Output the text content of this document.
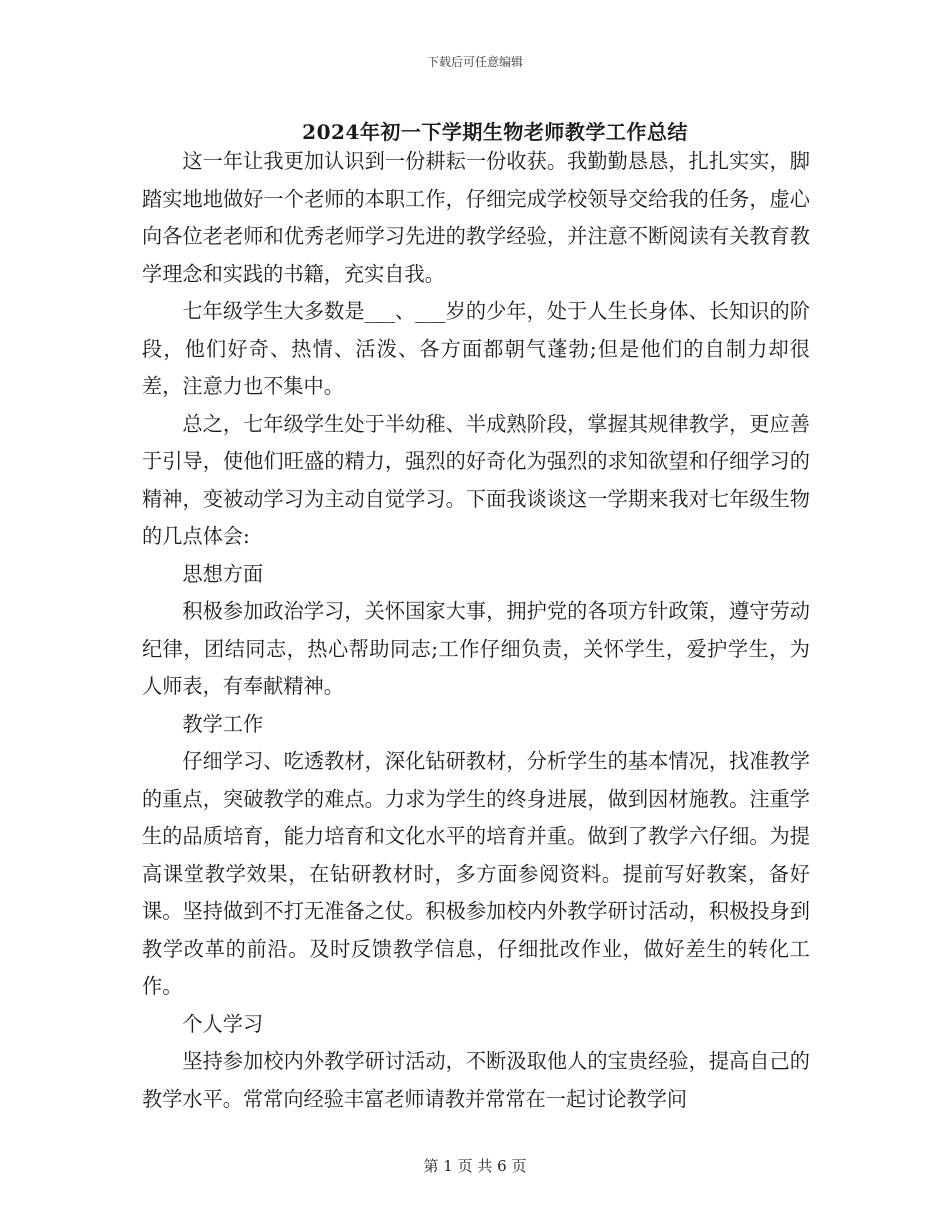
下载后可任意编辑
2024年初一下学期生物老师教学工作总结

这一年让我更加认识到一份耕耘一份收获。我勤勤恳恳，扎扎实实，脚踏实地地做好一个老师的本职工作，仔细完成学校领导交给我的任务，虚心向各位老老师和优秀老师学习先进的教学经验，并注意不断阅读有关教育教学理念和实践的书籍，充实自我。

七年级学生大多数是___、___岁的少年，处于人生长身体、长知识的阶段，他们好奇、热情、活泼、各方面都朝气蓬勃;但是他们的自制力却很差，注意力也不集中。

总之，七年级学生处于半幼稚、半成熟阶段，掌握其规律教学，更应善于引导，使他们旺盛的精力，强烈的好奇化为强烈的求知欲望和仔细学习的精神，变被动学习为主动自觉学习。下面我谈谈这一学期来我对七年级生物的几点体会:

思想方面

积极参加政治学习，关怀国家大事，拥护党的各项方针政策，遵守劳动纪律，团结同志，热心帮助同志;工作仔细负责，关怀学生，爱护学生，为人师表，有奉献精神。

教学工作

仔细学习、吃透教材，深化钻研教材，分析学生的基本情况，找准教学的重点，突破教学的难点。力求为学生的终身进展，做到因材施教。注重学生的品质培育，能力培育和文化水平的培育并重。做到了教学六仔细。为提高课堂教学效果，在钻研教材时，多方面参阅资料。提前写好教案，备好课。坚持做到不打无准备之仗。积极参加校内外教学研讨活动，积极投身到教学改革的前沿。及时反馈教学信息，仔细批改作业，做好差生的转化工作。

个人学习

坚持参加校内外教学研讨活动，不断汲取他人的宝贵经验，提高自己的教学水平。常常向经验丰富老师请教并常常在一起讨论教学问

第 1 页 共 6 页
